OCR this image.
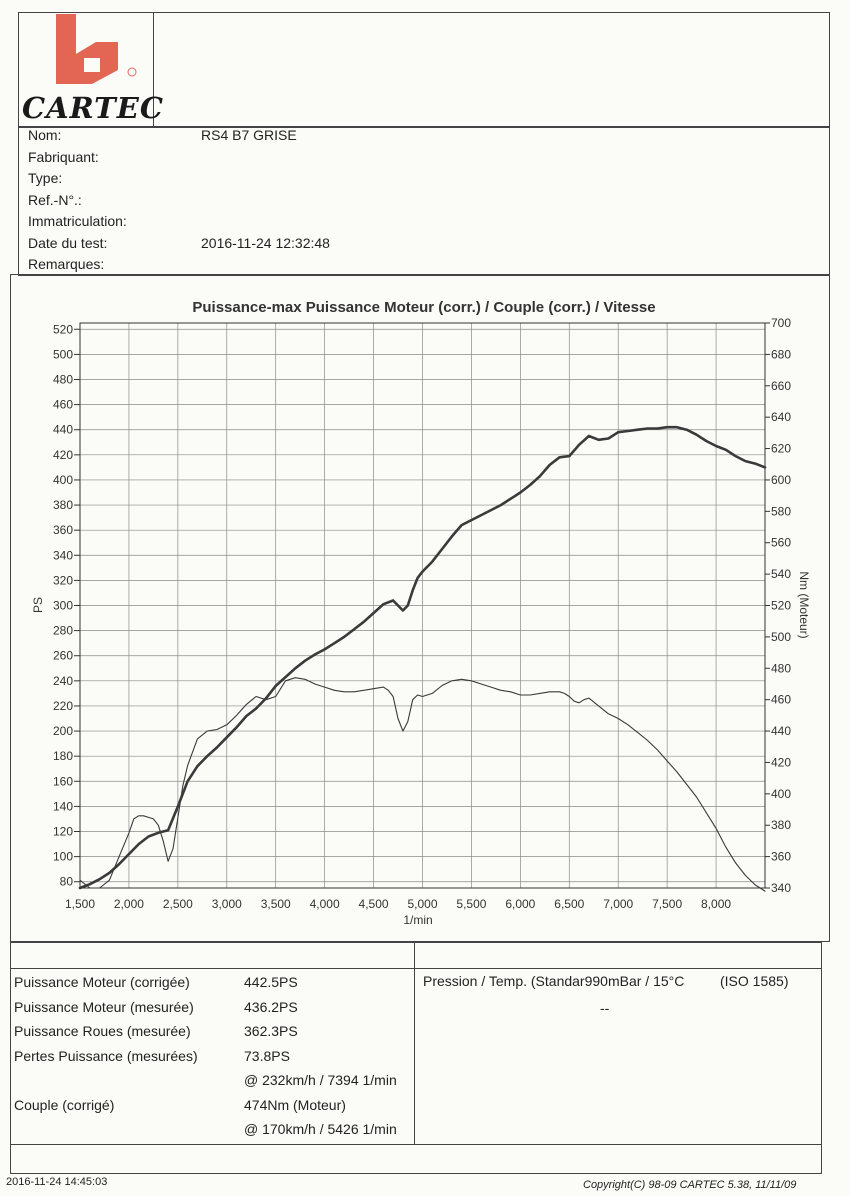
CARTEC
Nom:	RS4 B7 GRISE
Fabriquant:
Type:
Ref.-N°.:
Immatriculation:
Date du test:	2016-11-24 12:32:48
Remarques:
Puissance-max Puissance Moteur (corr.) / Couple (corr.) / Vitesse
1,500 2,000 2,500 3,000 3,500 4,000 4,500 5,000 5,500 6,000 6,500 7,000 7,500 8,000
80
100
120
140
160
180
200
220
240
260
280
300
320
340
360
380
400
420
440
460
480
500
520
340
360
380
400
420
440
460
480
500
520
540
560
580
600
620
640
660
680
700
PS	Nm (Moteur)
1/min
Puissance Moteur (corrigée)	442.5PS
Puissance Moteur (mesurée)	436.2PS
Puissance Roues (mesurée)	362.3PS
Pertes Puissance (mesurées)	73.8PS
@ 232km/h / 7394 1/min
Couple (corrigé)	474Nm (Moteur)
@ 170km/h / 5426 1/min
Pression / Temp. (Standar990mBar / 15°C	(ISO 1585)
--
2016-11-24 14:45:03	Copyright(C) 98-09 CARTEC 5.38, 11/11/09
